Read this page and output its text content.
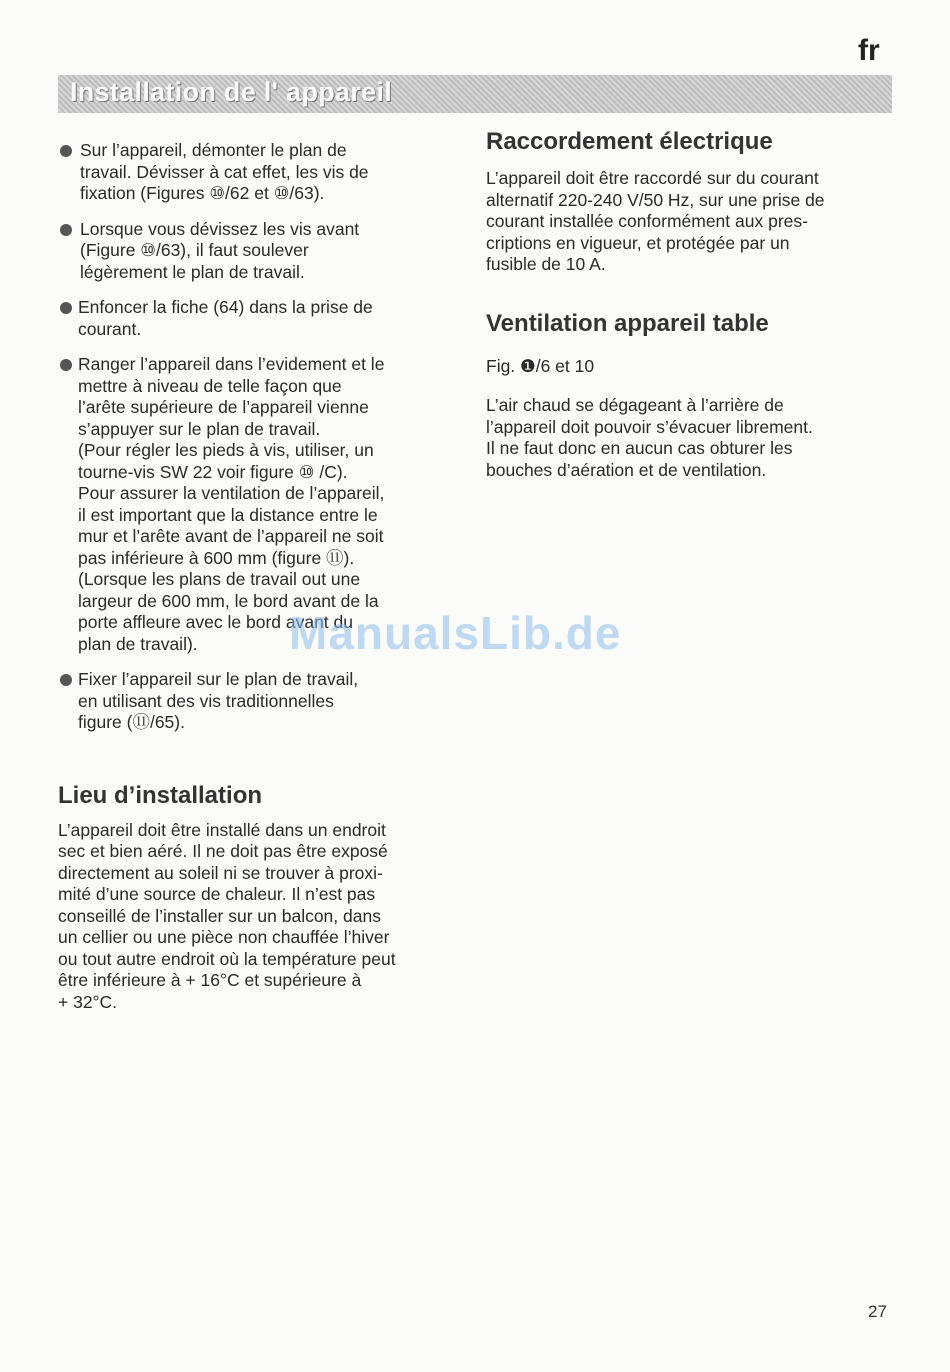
fr
Installation de l' appareil
Sur l’appareil, démonter le plan de
travail. Dévisser à cat effet, les vis de
fixation (Figures ⑩/62 et ⑩/63).
Lorsque vous dévissez les vis avant
(Figure ⑩/63), il faut soulever
légèrement le plan de travail.
Enfoncer la fiche (64) dans la prise de
courant.
Ranger l’appareil dans l’evidement et le
mettre à niveau de telle façon que
l’arête supérieure de l’appareil vienne
s’appuyer sur le plan de travail.
(Pour régler les pieds à vis, utiliser, un
tourne-vis SW 22 voir figure ⑩ /C).
Pour assurer la ventilation de l’appareil,
il est important que la distance entre le
mur et l’arête avant de l’appareil ne soit
pas inférieure à 600 mm (figure ⑪).
(Lorsque les plans de travail out une
largeur de 600 mm, le bord avant de la
porte affleure avec le bord avant du
plan de travail).
Fixer l’appareil sur le plan de travail,
en utilisant des vis traditionnelles
figure (⑪/65).
Lieu d’installation
L’appareil doit être installé dans un endroit
sec et bien aéré. Il ne doit pas être exposé
directement au soleil ni se trouver à proxi-
mité d’une source de chaleur. Il n’est pas
conseillé de l’installer sur un balcon, dans
un cellier ou une pièce non chauffée l’hiver
ou tout autre endroit où la température peut
être inférieure à + 16°C et supérieure à
+ 32°C.
Raccordement électrique
L’appareil doit être raccordé sur du courant
alternatif 220-240 V/50 Hz, sur une prise de
courant installée conformément aux pres-
criptions en vigueur, et protégée par un
fusible de 10 A.
Ventilation appareil table
Fig. ❶/6 et 10
L’air chaud se dégageant à l’arrière de
l’appareil doit pouvoir s’évacuer librement.
Il ne faut donc en aucun cas obturer les
bouches d’aération et de ventilation.
ManualsLib.de
27
